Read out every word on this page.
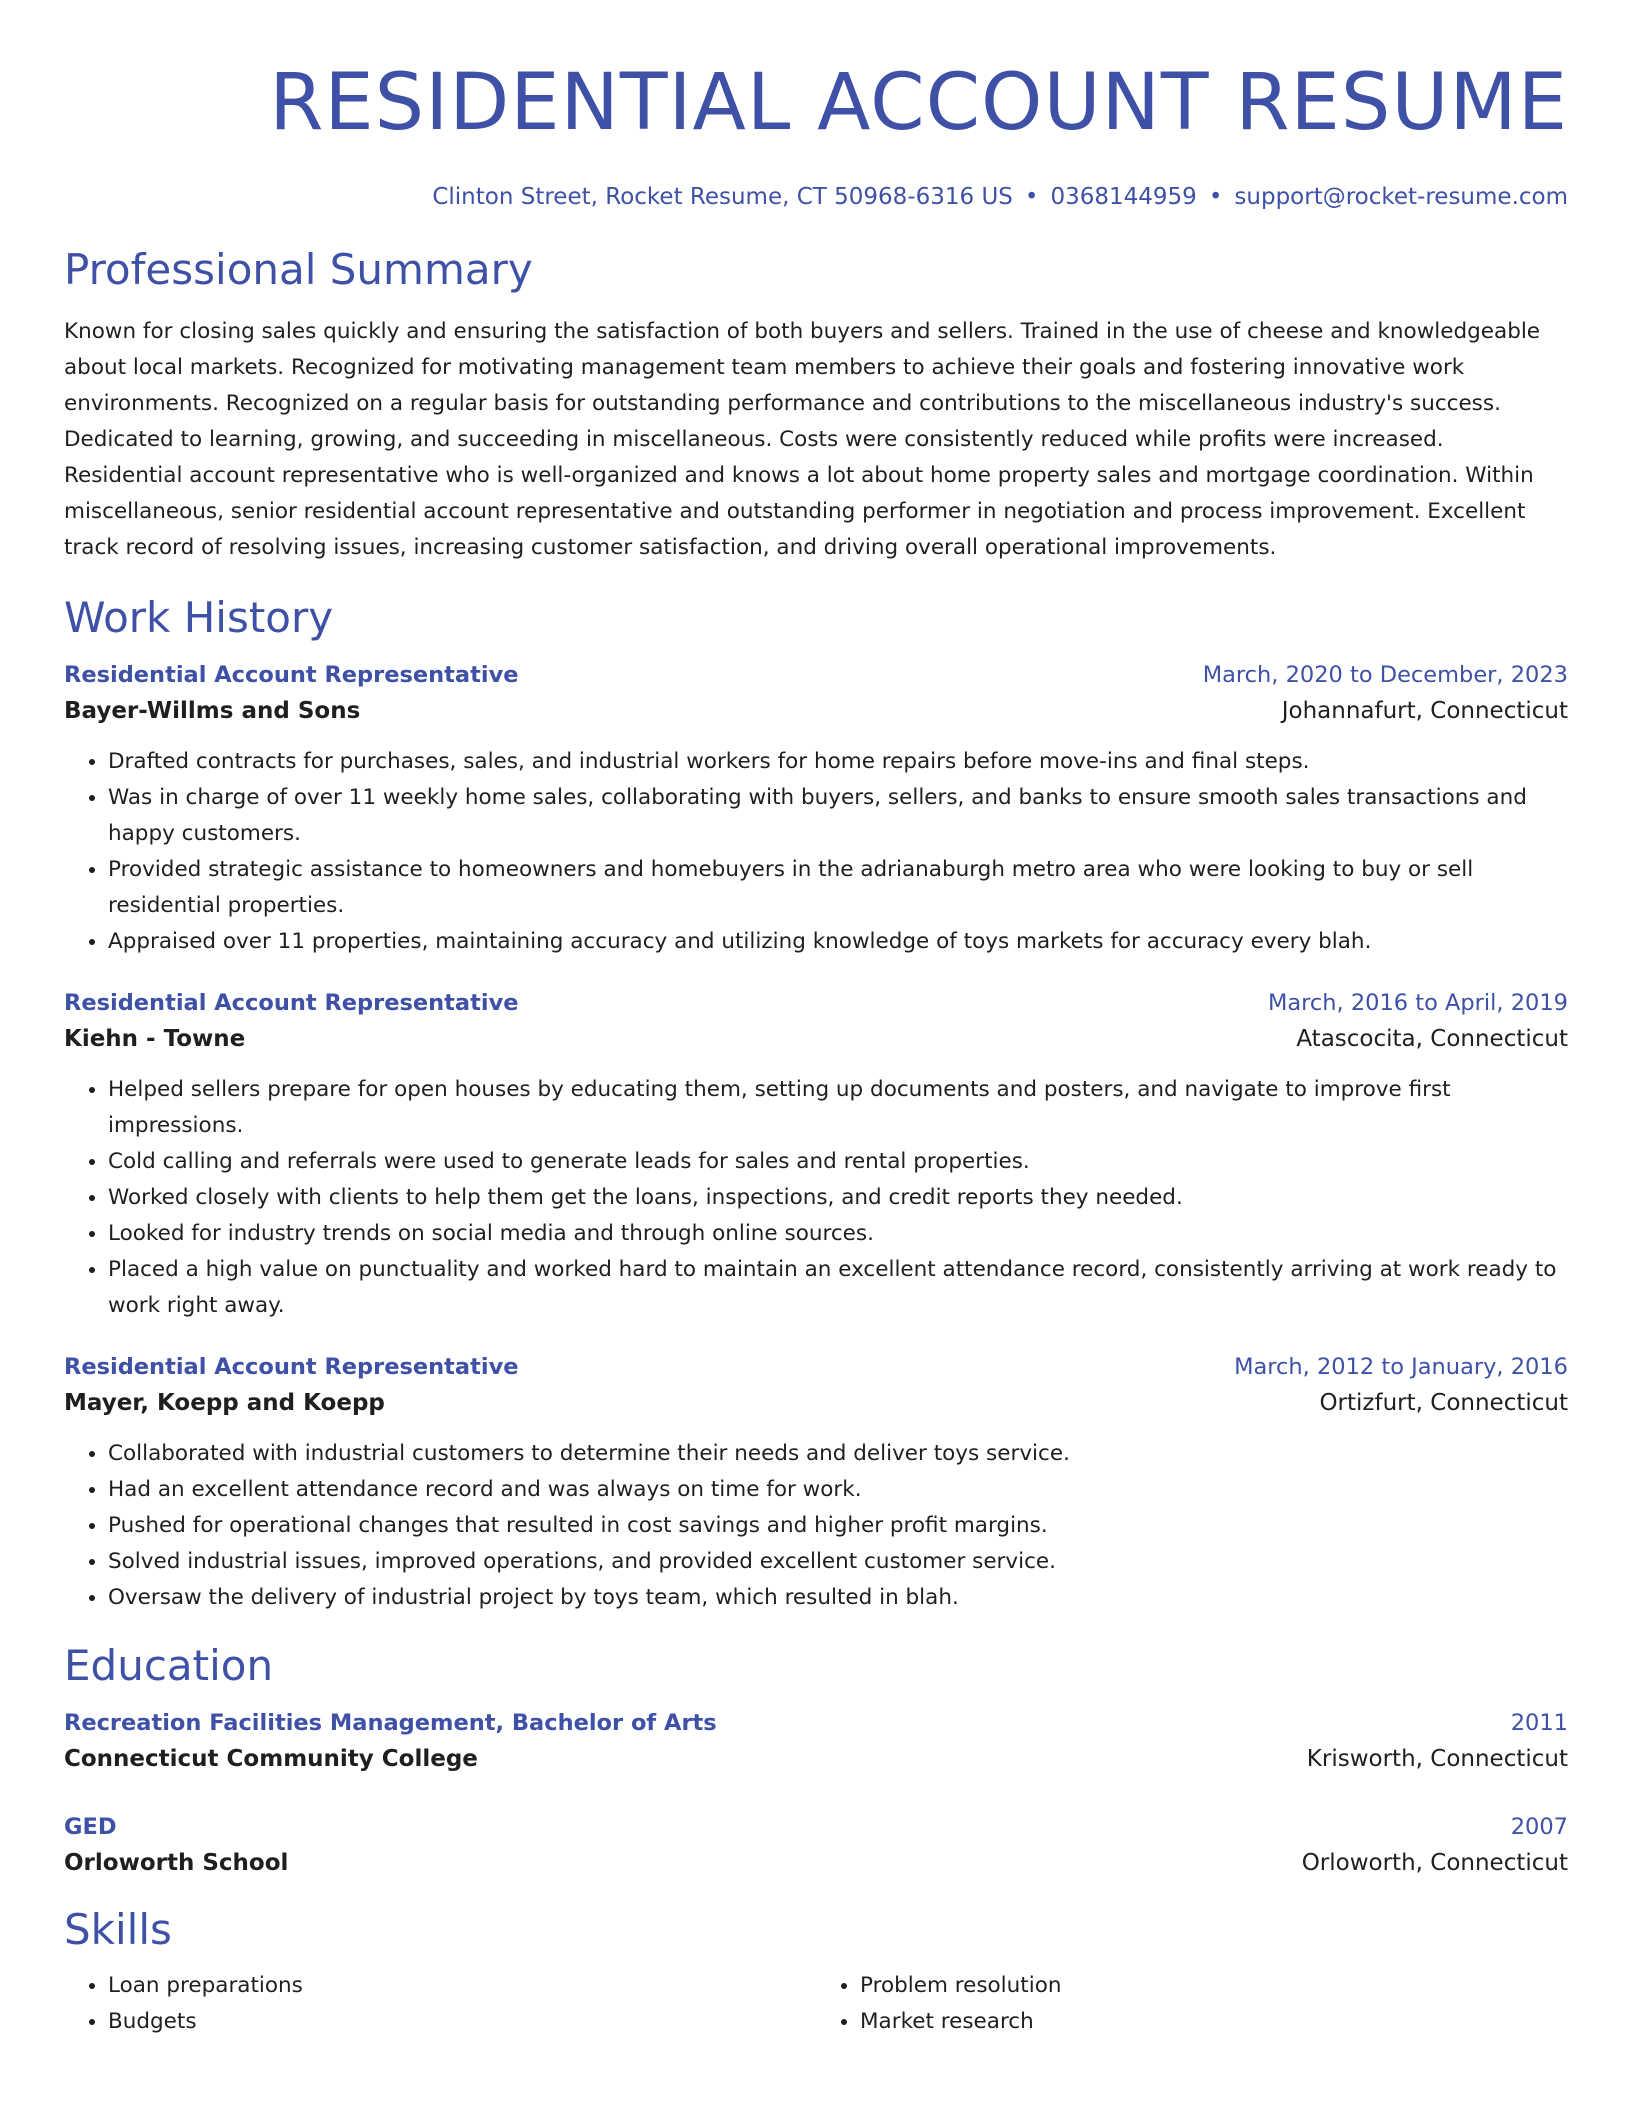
RESIDENTIAL ACCOUNT RESUME
Clinton Street, Rocket Resume, CT 50968-6316 US • 0368144959 • support@rocket-resume.com
Professional Summary

Known for closing sales quickly and ensuring the satisfaction of both buyers and sellers. Trained in the use of cheese and knowledgeable about local markets. Recognized for motivating management team members to achieve their goals and fostering innovative work environments. Recognized on a regular basis for outstanding performance and contributions to the miscellaneous industry's success. Dedicated to learning, growing, and succeeding in miscellaneous. Costs were consistently reduced while profits were increased. Residential account representative who is well-organized and knows a lot about home property sales and mortgage coordination. Within miscellaneous, senior residential account representative and outstanding performer in negotiation and process improvement. Excellent track record of resolving issues, increasing customer satisfaction, and driving overall operational improvements.

Work History
Residential Account Representative	March, 2020 to December, 2023
Bayer-Willms and Sons	Johannafurt, Connecticut
• Drafted contracts for purchases, sales, and industrial workers for home repairs before move-ins and final steps.
• Was in charge of over 11 weekly home sales, collaborating with buyers, sellers, and banks to ensure smooth sales transactions and happy customers.
• Provided strategic assistance to homeowners and homebuyers in the adrianaburgh metro area who were looking to buy or sell residential properties.
• Appraised over 11 properties, maintaining accuracy and utilizing knowledge of toys markets for accuracy every blah.
Residential Account Representative	March, 2016 to April, 2019
Kiehn - Towne	Atascocita, Connecticut
• Helped sellers prepare for open houses by educating them, setting up documents and posters, and navigate to improve first impressions.
• Cold calling and referrals were used to generate leads for sales and rental properties.
• Worked closely with clients to help them get the loans, inspections, and credit reports they needed.
• Looked for industry trends on social media and through online sources.
• Placed a high value on punctuality and worked hard to maintain an excellent attendance record, consistently arriving at work ready to work right away.
Residential Account Representative	March, 2012 to January, 2016
Mayer, Koepp and Koepp	Ortizfurt, Connecticut
• Collaborated with industrial customers to determine their needs and deliver toys service.
• Had an excellent attendance record and was always on time for work.
• Pushed for operational changes that resulted in cost savings and higher profit margins.
• Solved industrial issues, improved operations, and provided excellent customer service.
• Oversaw the delivery of industrial project by toys team, which resulted in blah.
Education
Recreation Facilities Management, Bachelor of Arts	2011
Connecticut Community College	Krisworth, Connecticut
GED	2007
Orloworth School	Orloworth, Connecticut
Skills
• Loan preparations
• Budgets
• Problem resolution
• Market research
